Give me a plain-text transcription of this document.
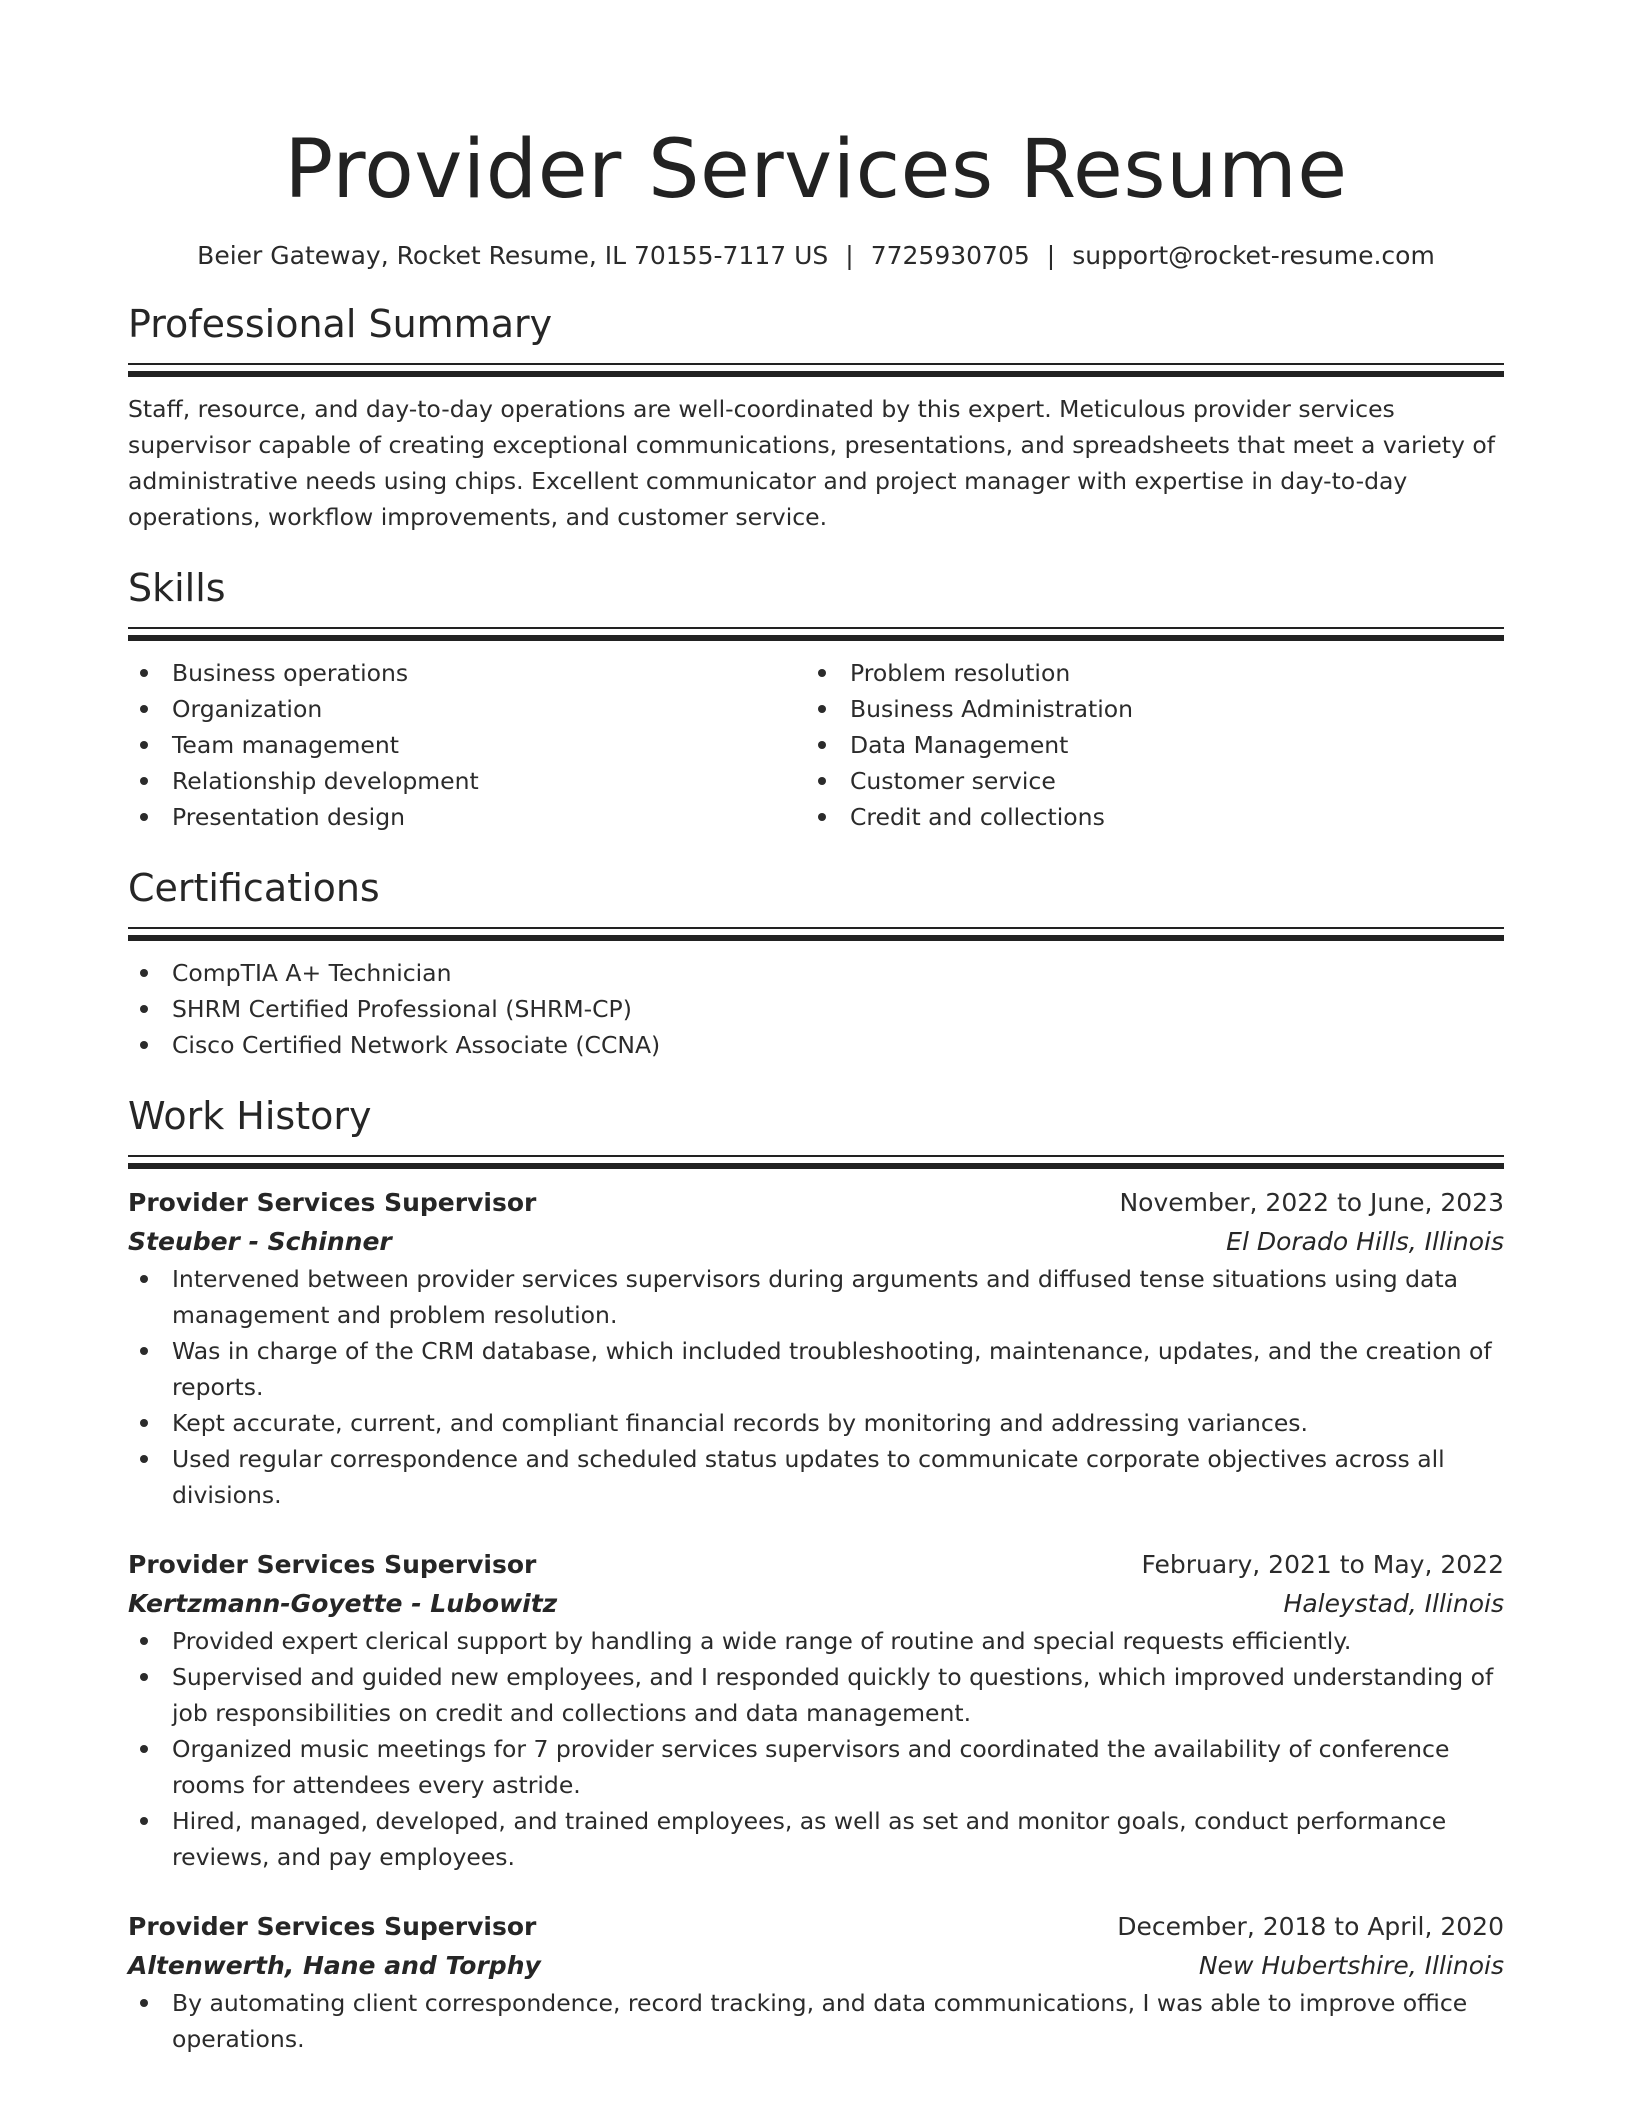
Provider Services Resume
Beier Gateway, Rocket Resume, IL 70155-7117 US | 7725930705 | support@rocket-resume.com
Professional Summary
Staff, resource, and day-to-day operations are well-coordinated by this expert. Meticulous provider services supervisor capable of creating exceptional communications, presentations, and spreadsheets that meet a variety of administrative needs using chips. Excellent communicator and project manager with expertise in day-to-day operations, workflow improvements, and customer service.
Skills
Business operations
Organization
Team management
Relationship development
Presentation design
Problem resolution
Business Administration
Data Management
Customer service
Credit and collections
Certifications
CompTIA A+ Technician
SHRM Certified Professional (SHRM-CP)
Cisco Certified Network Associate (CCNA)
Work History
Provider Services Supervisor	November, 2022 to June, 2023
Steuber - Schinner	El Dorado Hills, Illinois
Intervened between provider services supervisors during arguments and diffused tense situations using data management and problem resolution.
Was in charge of the CRM database, which included troubleshooting, maintenance, updates, and the creation of reports.
Kept accurate, current, and compliant financial records by monitoring and addressing variances.
Used regular correspondence and scheduled status updates to communicate corporate objectives across all divisions.
Provider Services Supervisor	February, 2021 to May, 2022
Kertzmann-Goyette - Lubowitz	Haleystad, Illinois
Provided expert clerical support by handling a wide range of routine and special requests efficiently.
Supervised and guided new employees, and I responded quickly to questions, which improved understanding of job responsibilities on credit and collections and data management.
Organized music meetings for 7 provider services supervisors and coordinated the availability of conference rooms for attendees every astride.
Hired, managed, developed, and trained employees, as well as set and monitor goals, conduct performance reviews, and pay employees.
Provider Services Supervisor	December, 2018 to April, 2020
Altenwerth, Hane and Torphy	New Hubertshire, Illinois
By automating client correspondence, record tracking, and data communications, I was able to improve office operations.
